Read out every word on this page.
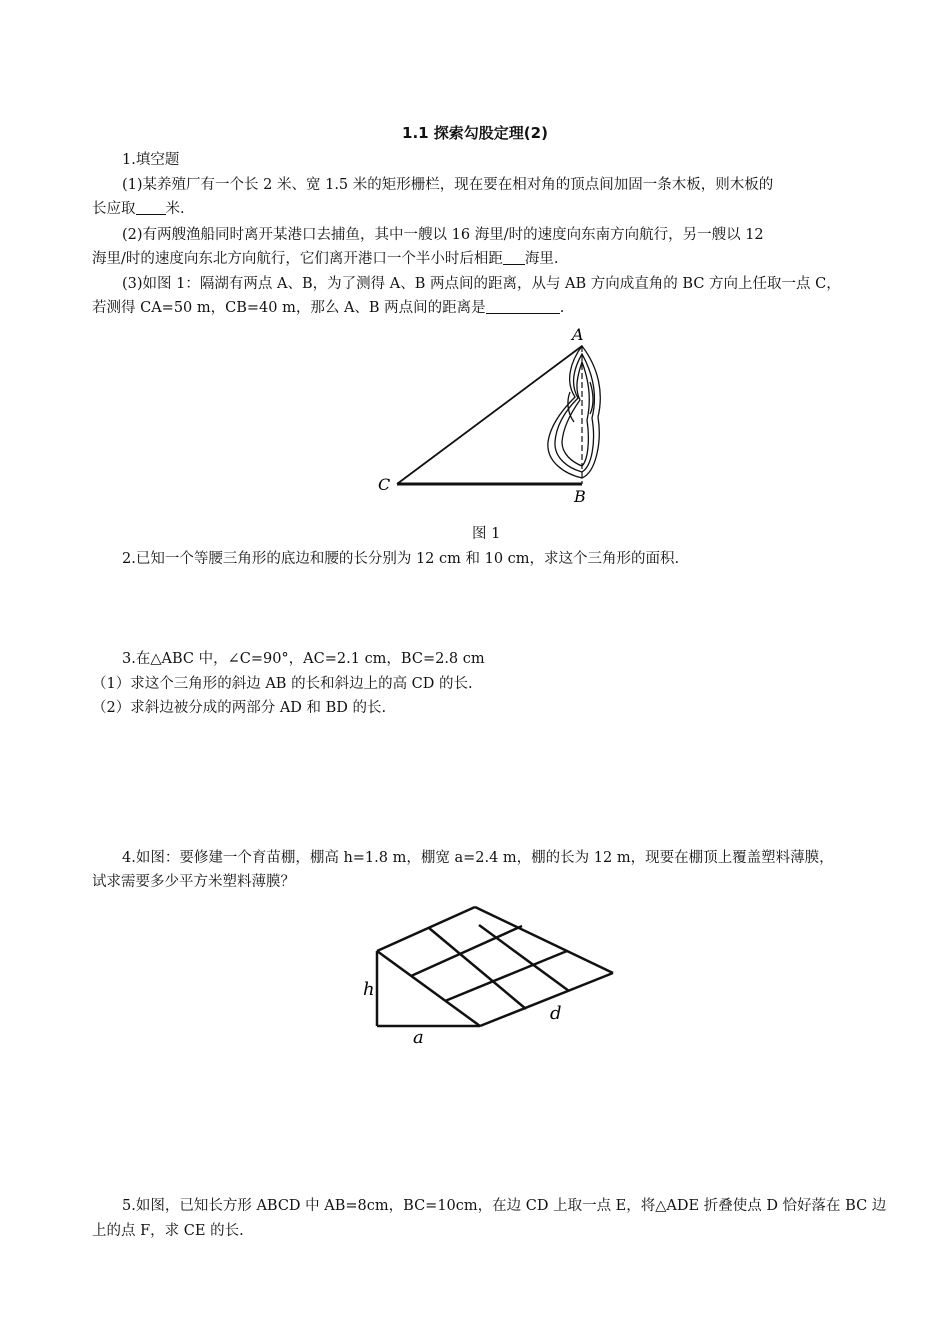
1.1 探索勾股定理(2)
1.填空题
(1)某养殖厂有一个长 2 米、宽 1.5 米的矩形栅栏，现在要在相对角的顶点间加固一条木板，则木板的
长应取 米.
(2)有两艘渔船同时离开某港口去捕鱼，其中一艘以 16 海里/时的速度向东南方向航行，另一艘以 12
海里/时的速度向东北方向航行，它们离开港口一个半小时后相距 海里.
(3)如图 1：隔湖有两点 A、B，为了测得 A、B 两点间的距离，从与 AB 方向成直角的 BC 方向上任取一点 C，
若测得 CA=50 m，CB=40 m，那么 A、B 两点间的距离是	.
A
B
C
图 1
2.已知一个等腰三角形的底边和腰的长分别为 12 cm 和 10 cm，求这个三角形的面积.
3.在△ABC 中，∠C=90°，AC=2.1 cm，BC=2.8 cm
（1）求这个三角形的斜边 AB 的长和斜边上的高 CD 的长.
（2）求斜边被分成的两部分 AD 和 BD 的长.
4.如图：要修建一个育苗棚，棚高 h=1.8 m，棚宽 a=2.4 m，棚的长为 12 m，现要在棚顶上覆盖塑料薄膜，
试求需要多少平方米塑料薄膜？
h
a
d
5.如图，已知长方形 ABCD 中 AB=8cm，BC=10cm，在边 CD 上取一点 E，将△ADE 折叠使点 D 恰好落在 BC 边
上的点 F，求 CE 的长.
